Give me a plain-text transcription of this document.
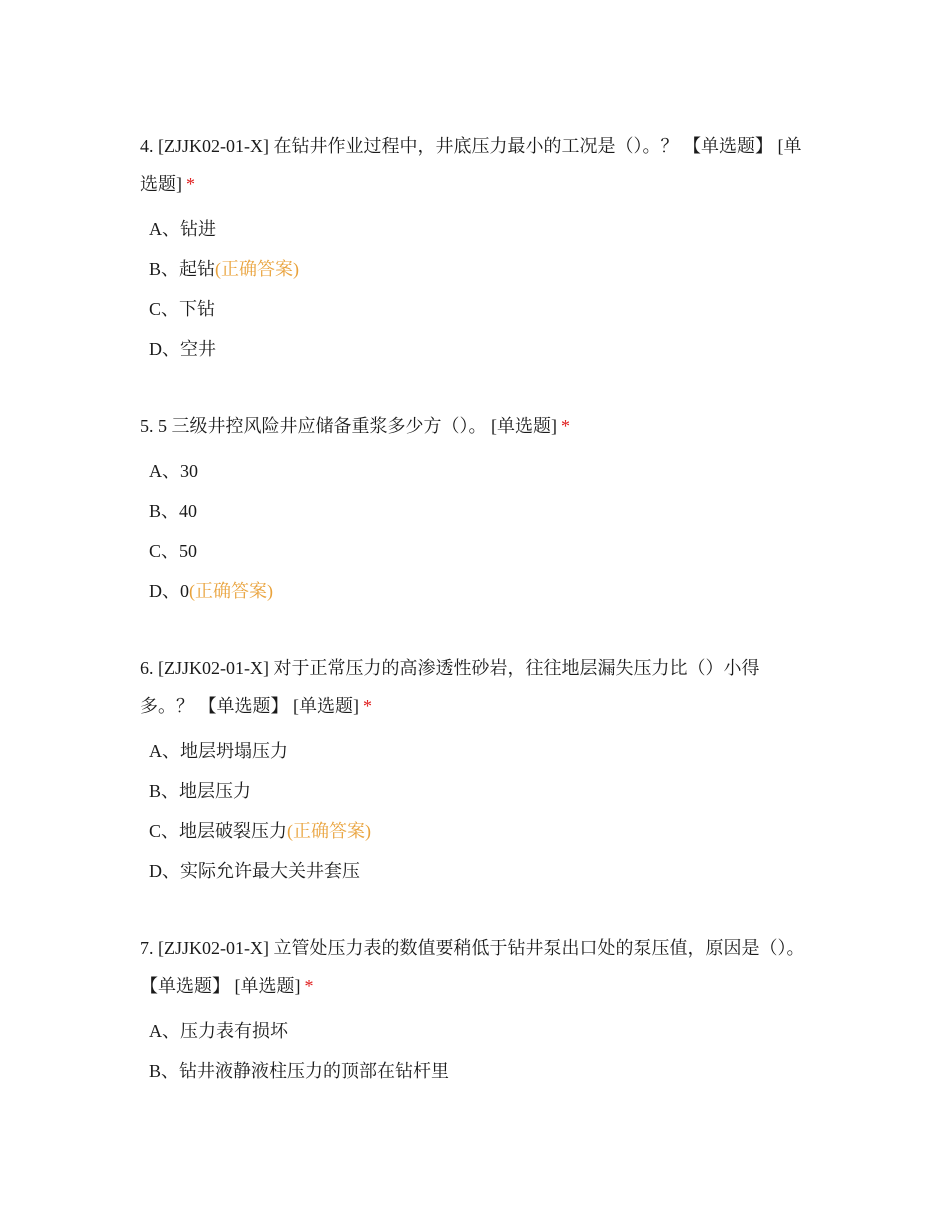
4. [ZJJK02-01-X] 在钻井作业过程中，井底压力最小的工况是（）。？ 【单选题】 [单选题] *

A、钻进
B、起钻(正确答案)
C、下钻
D、空井

5. 5 三级井控风险井应储备重浆多少方（）。 [单选题] *

A、30
B、40
C、50
D、0(正确答案)

6. [ZJJK02-01-X] 对于正常压力的高渗透性砂岩，往往地层漏失压力比（）小得多。？ 【单选题】 [单选题] *

A、地层坍塌压力
B、地层压力
C、地层破裂压力(正确答案)
D、实际允许最大关井套压

7. [ZJJK02-01-X] 立管处压力表的数值要稍低于钻井泵出口处的泵压值，原因是（）。【单选题】 [单选题] *

A、压力表有损坏
B、钻井液静液柱压力的顶部在钻杆里
